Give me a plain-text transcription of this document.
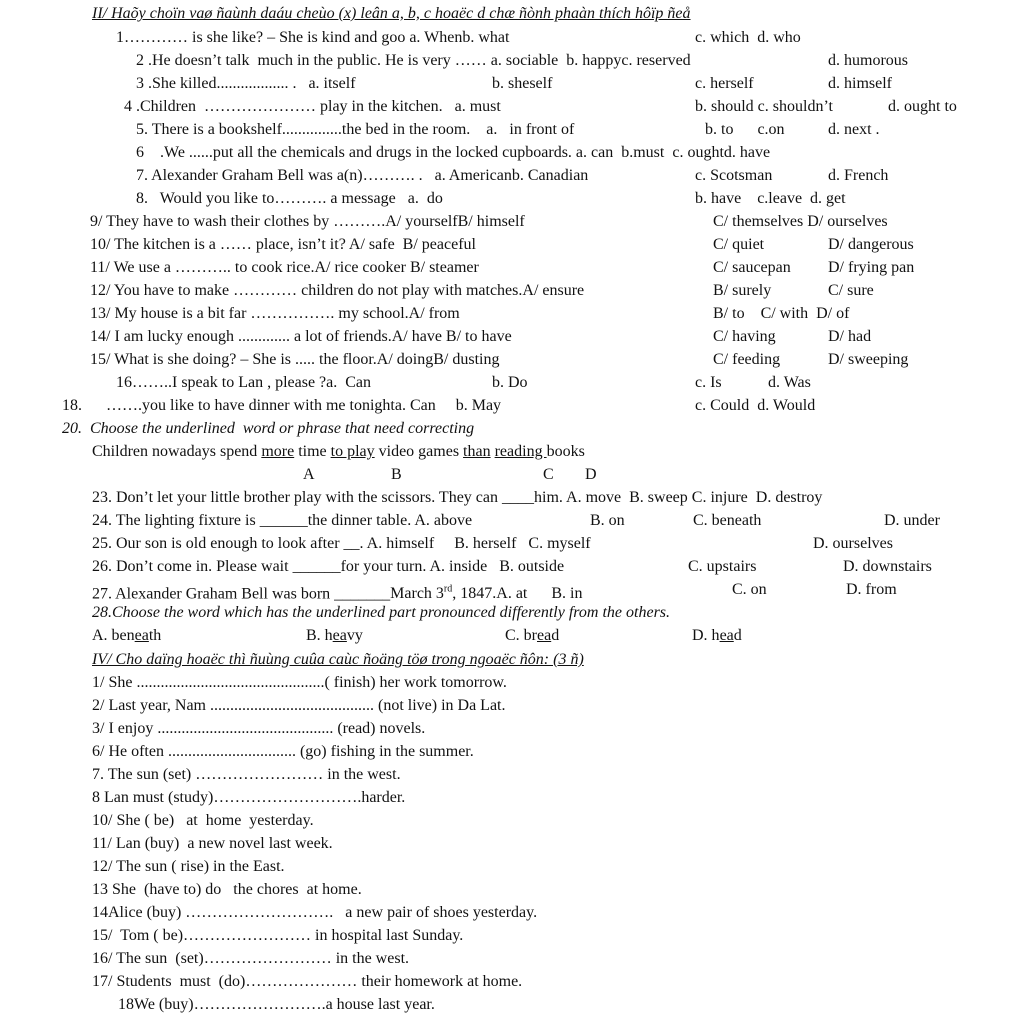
II/ Haõy choïn vaø ñaùnh daáu cheùo (x) leân a, b, c hoaëc d chæ ñònh phaàn thích hôïp ñeå
1………… is she like? – She is kind and goo a. Whenb. what	c. which  d. who
2 .He doesn’t talk  much in the public. He is very …… a. sociable  b. happyc. reserved	d. humorous
3 .She killed.................. .   a. itself	b. sheself	c. herself	d. himself
4 .Children  ………………… play in the kitchen.   a. must	b. should c. shouldn’t	d. ought to
5. There is a bookshelf...............the bed in the room.    a.   in front of	b. to      c.on	d. next .
6    .We ......put all the chemicals and drugs in the locked cupboards. a. can  b.must  c. oughtd. have
7. Alexander Graham Bell was a(n)………. .   a. Americanb. Canadian	c. Scotsman	d. French
8.   Would you like to………. a message   a.  do	b. have    c.leave  d. get
9/ They have to wash their clothes by ……….A/ yourselfB/ himself	C/ themselves D/ ourselves
10/ The kitchen is a …… place, isn’t it? A/ safe  B/ peaceful	C/ quiet	D/ dangerous
11/ We use a ……….. to cook rice.A/ rice cooker B/ steamer	C/ saucepan D/ frying pan
12/ You have to make ………… children do not play with matches.A/ ensure	B/ surely	C/ sure
13/ My house is a bit far ……………. my school.A/ from	B/ to    C/ with  D/ of
14/ I am lucky enough ............. a lot of friends.A/ have B/ to have	C/ having	D/ had
15/ What is she doing? – She is ..... the floor.A/ doingB/ dusting	C/ feeding	D/ sweeping
16……..I speak to Lan , please ?a.  Can	b. Do	c. Is	d. Was
18. …….you like to have dinner with me tonighta. Can     b. May	c. Could  d. Would
20.  Choose the underlined  word or phrase that need correcting
Children nowadays spend more time to play video games than reading books
A	B	C D
23. Don’t let your little brother play with the scissors. They can ____him. A. move  B. sweep C. injure  D. destroy
24. The lighting fixture is ______the dinner table. A. above	B. on	C. beneath	D. under
25. Our son is old enough to look after __. A. himself     B. herself   C. myself	D. ourselves
26. Don’t come in. Please wait ______for your turn. A. inside   B. outside	C. upstairs	D. downstairs
27. Alexander Graham Bell was born _______March 3rd, 1847.A. at      B. in	C. on	D. from
28.Choose the word which has the underlined part pronounced differently from the others.
A. beneath	B. heavy	C. bread	D. head
IV/ Cho daïng hoaëc thì ñuùng cuûa caùc ñoäng töø trong ngoaëc ñôn: (3 ñ)
1/ She ...............................................( finish) her work tomorrow.
2/ Last year, Nam ......................................... (not live) in Da Lat.
3/ I enjoy ............................................ (read) novels.
6/ He often ................................ (go) fishing in the summer.
7. The sun (set) …………………… in the west.
8 Lan must (study)……………………….harder.
10/ She ( be)   at  home  yesterday.
11/ Lan (buy)  a new novel last week.
12/ The sun ( rise) in the East.
13 She  (have to) do   the chores  at home.
14Alice (buy) ……………………….   a new pair of shoes yesterday.
15/  Tom ( be)…………………… in hospital last Sunday.
16/ The sun  (set)…………………… in the west.
17/ Students  must  (do)………………… their homework at home.
18We (buy)…………………….a house last year.
